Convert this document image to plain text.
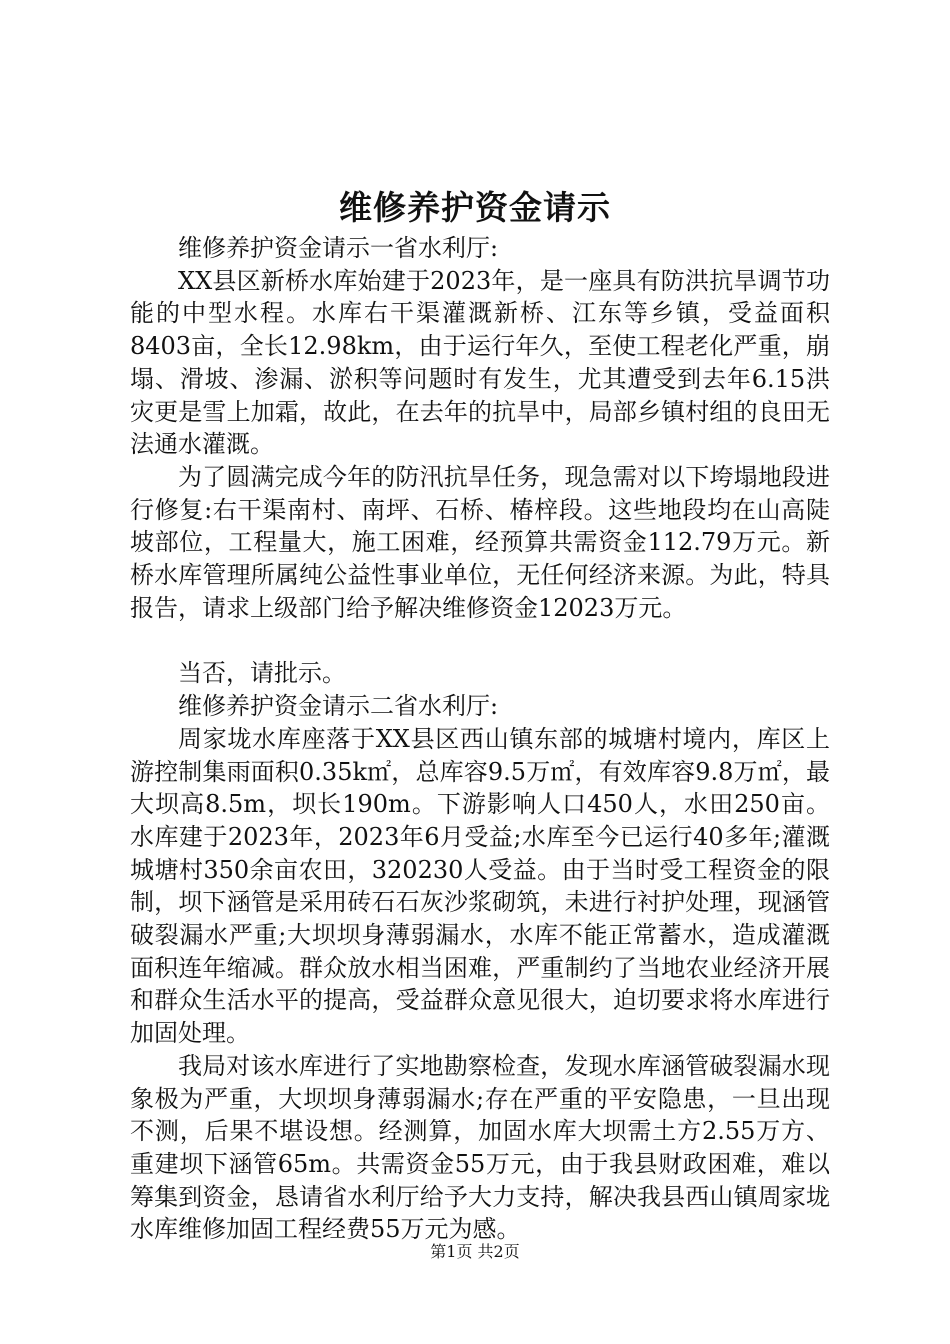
维修养护资金请示

维修养护资金请示一省水利厅:

XX县区新桥水库始建于2023年，是一座具有防洪抗旱调节功能的中型水程。水库右干渠灌溉新桥、江东等乡镇，受益面积8403亩，全长12.98km，由于运行年久，至使工程老化严重，崩塌、滑坡、渗漏、淤积等问题时有发生，尤其遭受到去年6.15洪灾更是雪上加霜，故此，在去年的抗旱中，局部乡镇村组的良田无法通水灌溉。

为了圆满完成今年的防汛抗旱任务，现急需对以下垮塌地段进行修复:右干渠南村、南坪、石桥、椿梓段。这些地段均在山高陡坡部位，工程量大，施工困难，经预算共需资金112.79万元。新桥水库管理所属纯公益性事业单位，无任何经济来源。为此，特具报告，请求上级部门给予解决维修资金12023万元。

当否，请批示。

维修养护资金请示二省水利厅:

周家垅水库座落于XX县区西山镇东部的城塘村境内，库区上游控制集雨面积0.35k㎡，总库容9.5万㎡，有效库容9.8万㎡，最大坝高8.5m，坝长190m。下游影响人口450人，水田250亩。水库建于2023年，2023年6月受益;水库至今已运行40多年;灌溉城塘村350余亩农田，320230人受益。由于当时受工程资金的限制，坝下涵管是采用砖石石灰沙浆砌筑，未进行衬护处理，现涵管破裂漏水严重;大坝坝身薄弱漏水，水库不能正常蓄水，造成灌溉面积连年缩减。群众放水相当困难，严重制约了当地农业经济开展和群众生活水平的提高，受益群众意见很大，迫切要求将水库进行加固处理。

我局对该水库进行了实地勘察检查，发现水库涵管破裂漏水现象极为严重，大坝坝身薄弱漏水;存在严重的平安隐患，一旦出现不测，后果不堪设想。经测算，加固水库大坝需土方2.55万方、重建坝下涵管65m。共需资金55万元，由于我县财政困难，难以筹集到资金，恳请省水利厅给予大力支持，解决我县西山镇周家垅水库维修加固工程经费55万元为感。

第1页 共2页
